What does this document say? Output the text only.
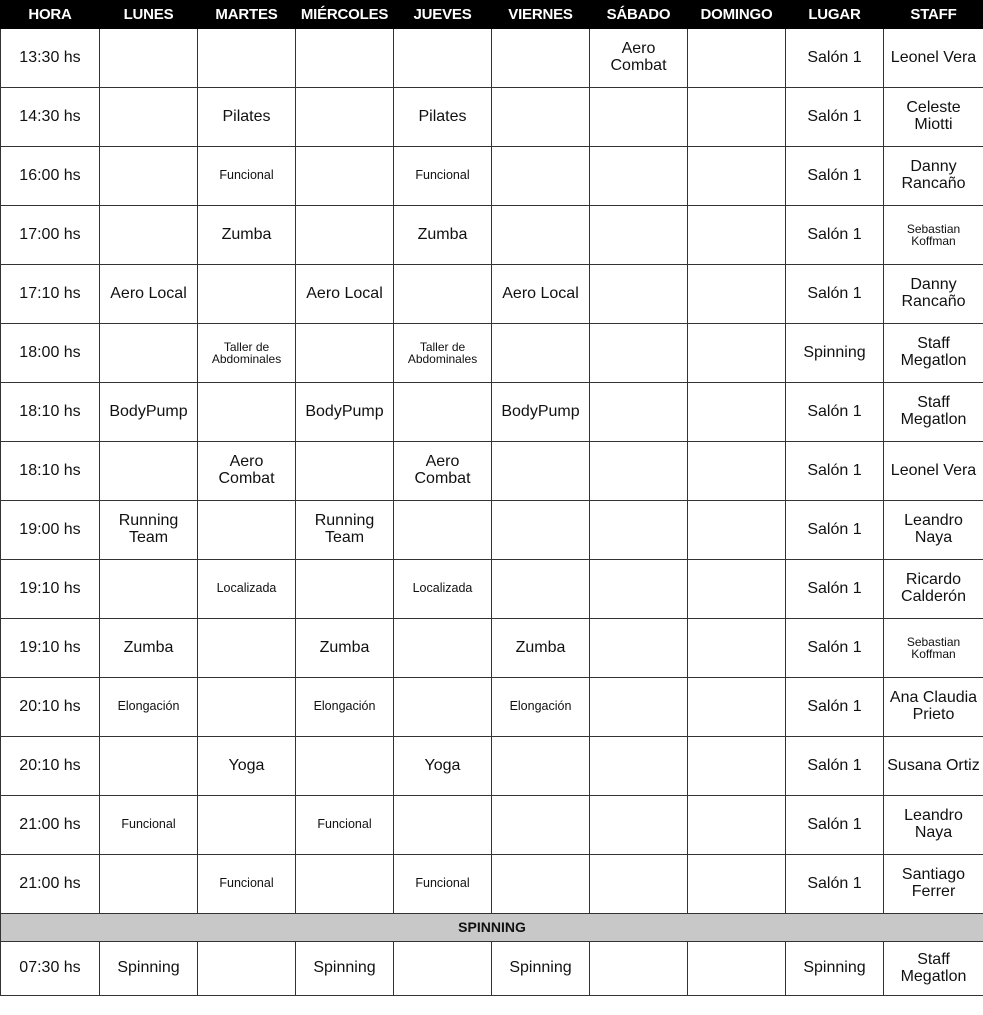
HORA	LUNES	MARTES	MIÉRCOLES	JUEVES	VIERNES	SÁBADO	DOMINGO	LUGAR	STAFF
13:30 hs						Aero Combat		Salón 1	Leonel Vera
14:30 hs		Pilates		Pilates				Salón 1	Celeste Miotti
16:00 hs		Funcional		Funcional				Salón 1	Danny Rancaño
17:00 hs		Zumba		Zumba				Salón 1	Sebastian Koffman
17:10 hs	Aero Local		Aero Local		Aero Local			Salón 1	Danny Rancaño
18:00 hs		Taller de Abdominales		Taller de Abdominales				Spinning	Staff Megatlon
18:10 hs	BodyPump		BodyPump		BodyPump			Salón 1	Staff Megatlon
18:10 hs		Aero Combat		Aero Combat				Salón 1	Leonel Vera
19:00 hs	Running Team		Running Team					Salón 1	Leandro Naya
19:10 hs		Localizada		Localizada				Salón 1	Ricardo Calderón
19:10 hs	Zumba		Zumba		Zumba			Salón 1	Sebastian Koffman
20:10 hs	Elongación		Elongación		Elongación			Salón 1	Ana Claudia Prieto
20:10 hs		Yoga		Yoga				Salón 1	Susana Ortiz
21:00 hs	Funcional		Funcional					Salón 1	Leandro Naya
21:00 hs		Funcional		Funcional				Salón 1	Santiago Ferrer
SPINNING									
07:30 hs	Spinning		Spinning		Spinning			Spinning	Staff Megatlon
